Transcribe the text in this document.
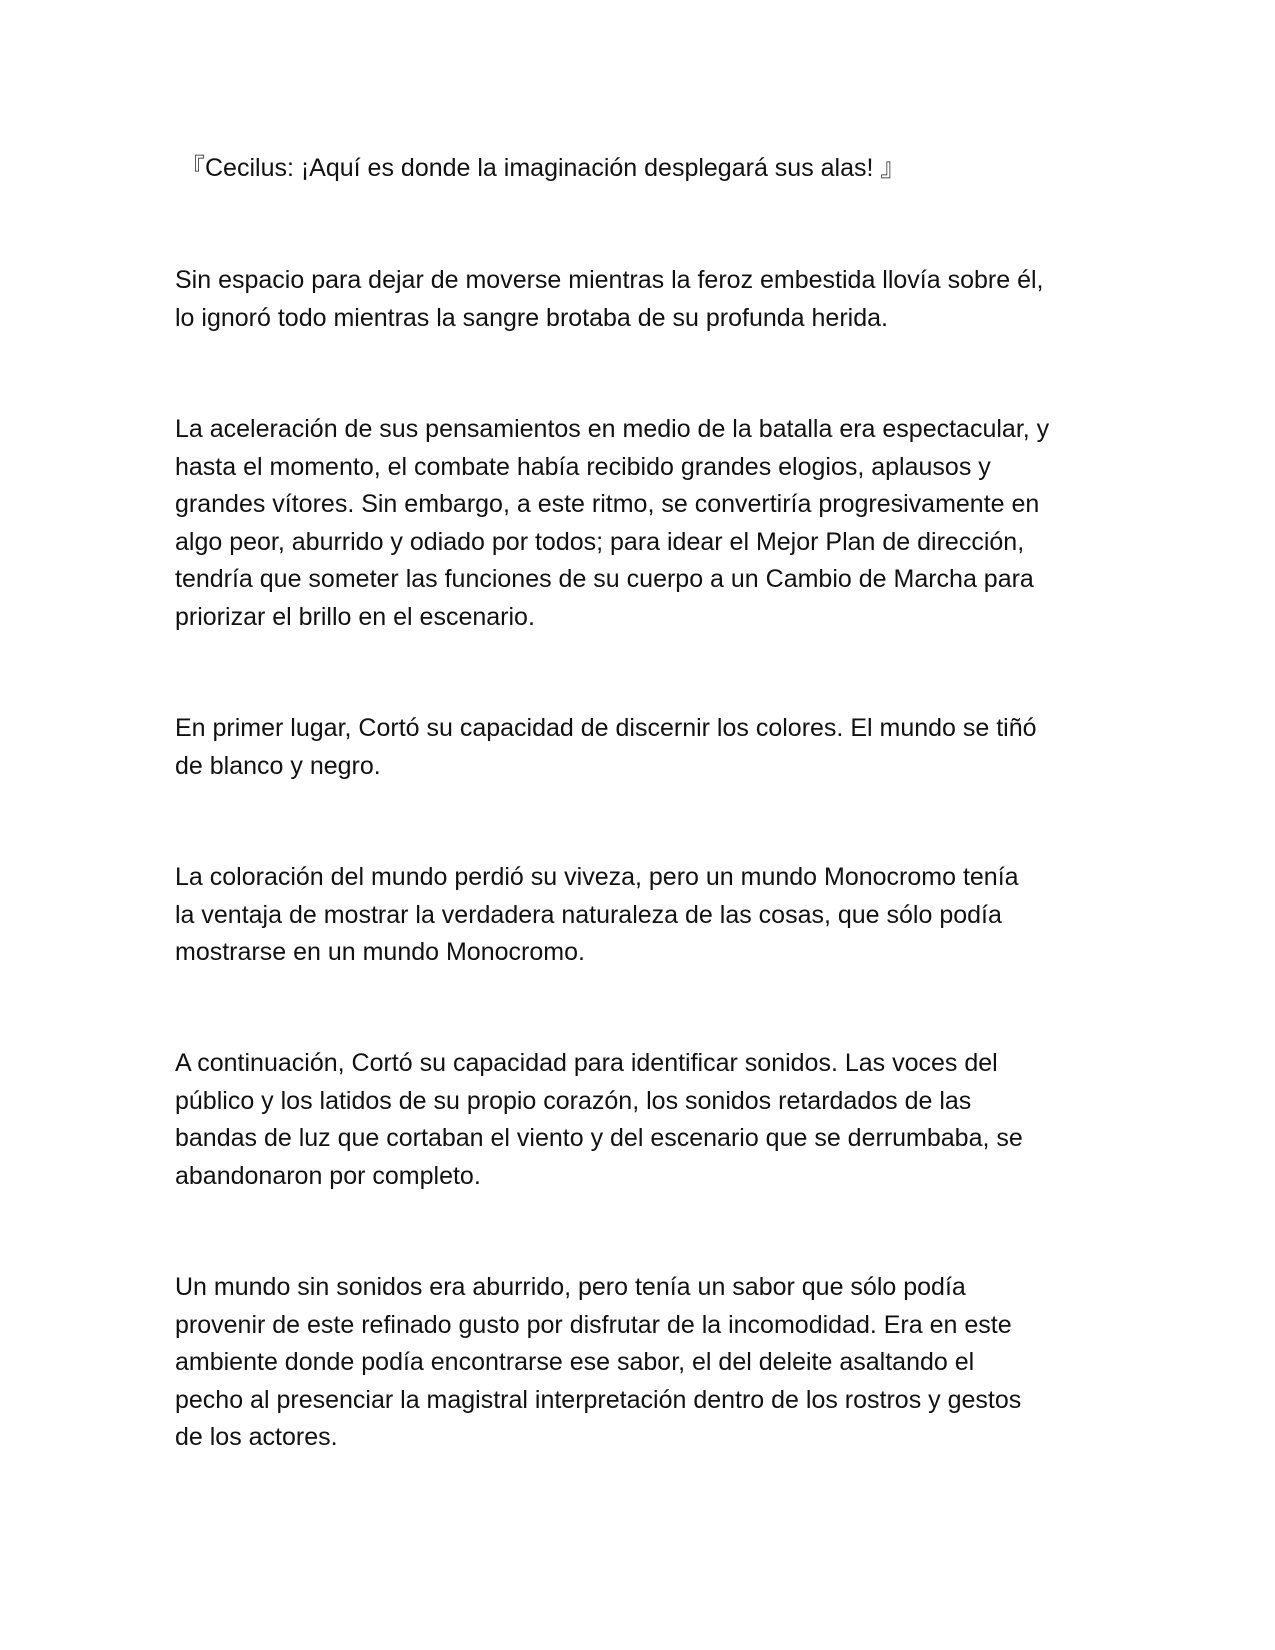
『Cecilus: ¡Aquí es donde la imaginación desplegará sus alas! 』

Sin espacio para dejar de moverse mientras la feroz embestida llovía sobre él,
lo ignoró todo mientras la sangre brotaba de su profunda herida.

La aceleración de sus pensamientos en medio de la batalla era espectacular, y
hasta el momento, el combate había recibido grandes elogios, aplausos y
grandes vítores. Sin embargo, a este ritmo, se convertiría progresivamente en
algo peor, aburrido y odiado por todos; para idear el Mejor Plan de dirección,
tendría que someter las funciones de su cuerpo a un Cambio de Marcha para
priorizar el brillo en el escenario.

En primer lugar, Cortó su capacidad de discernir los colores. El mundo se tiñó
de blanco y negro.

La coloración del mundo perdió su viveza, pero un mundo Monocromo tenía
la ventaja de mostrar la verdadera naturaleza de las cosas, que sólo podía
mostrarse en un mundo Monocromo.

A continuación, Cortó su capacidad para identificar sonidos. Las voces del
público y los latidos de su propio corazón, los sonidos retardados de las
bandas de luz que cortaban el viento y del escenario que se derrumbaba, se
abandonaron por completo.

Un mundo sin sonidos era aburrido, pero tenía un sabor que sólo podía
provenir de este refinado gusto por disfrutar de la incomodidad. Era en este
ambiente donde podía encontrarse ese sabor, el del deleite asaltando el
pecho al presenciar la magistral interpretación dentro de los rostros y gestos
de los actores.
